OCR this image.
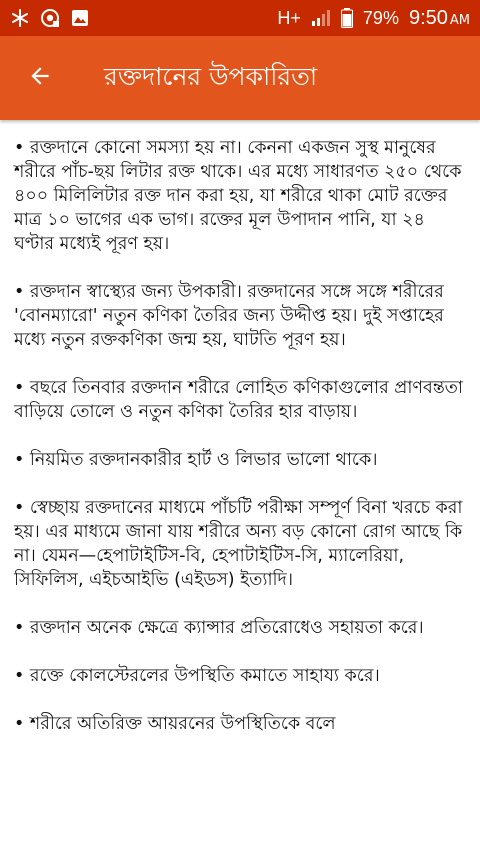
H+	79% 9:50 AM
রক্তদানের উপকারিতা

• রক্তদানে কোনো সমস্যা হয় না। কেননা একজন সুস্থ মানুষের শরীরে পাঁচ-ছয় লিটার রক্ত থাকে। এর মধ্যে সাধারণত ২৫০ থেকে ৪০০ মিলিলিটার রক্ত দান করা হয়, যা শরীরে থাকা মোট রক্তের মাত্র ১০ ভাগের এক ভাগ। রক্তের মূল উপাদান পানি, যা ২৪ ঘণ্টার মধ্যেই পূরণ হয়।

• রক্তদান স্বাস্থ্যের জন্য উপকারী। রক্তদানের সঙ্গে সঙ্গে শরীরের 'বোনম্যারো' নতুন কণিকা তৈরির জন্য উদ্দীপ্ত হয়। দুই সপ্তাহের মধ্যে নতুন রক্তকণিকা জন্ম হয়, ঘাটতি পূরণ হয়।

• বছরে তিনবার রক্তদান শরীরে লোহিত কণিকাগুলোর প্রাণবন্ততা বাড়িয়ে তোলে ও নতুন কণিকা তৈরির হার বাড়ায়।

• নিয়মিত রক্তদানকারীর হার্ট ও লিভার ভালো থাকে।

• স্বেচ্ছায় রক্তদানের মাধ্যমে পাঁচটি পরীক্ষা সম্পূর্ণ বিনা খরচে করা হয়। এর মাধ্যমে জানা যায় শরীরে অন্য বড় কোনো রোগ আছে কি না। যেমন—হেপাটাইটিস-বি, হেপাটাইটিস-সি, ম্যালেরিয়া, সিফিলিস, এইচআইভি (এইডস) ইত্যাদি।

• রক্তদান অনেক ক্ষেত্রে ক্যান্সার প্রতিরোধেও সহায়তা করে।

• রক্তে কোলস্টেরলের উপস্থিতি কমাতে সাহায্য করে।

• শরীরে অতিরিক্ত আয়রনের উপস্থিতিকে বলে
